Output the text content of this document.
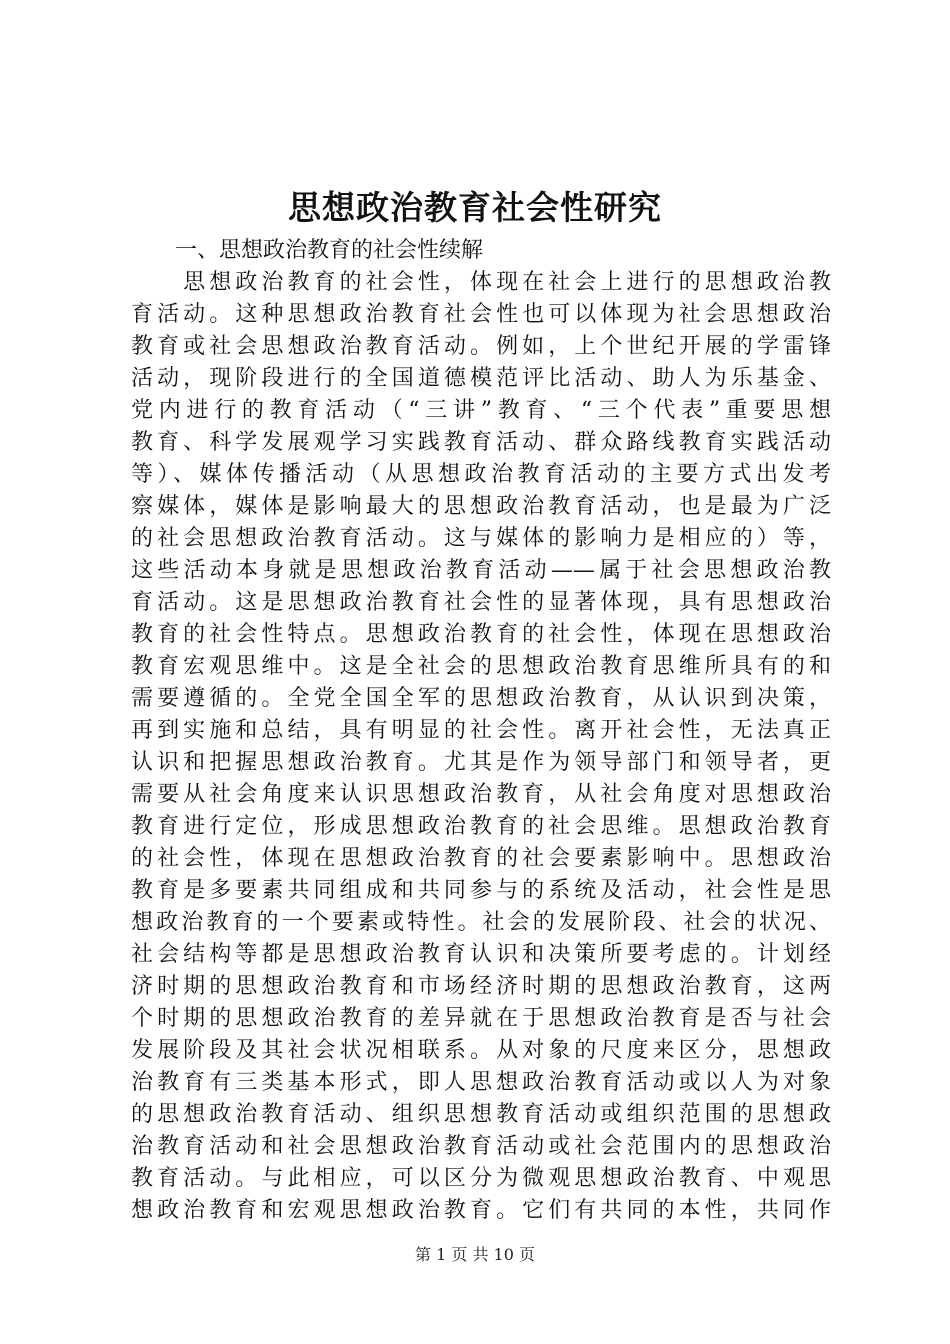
思想政治教育社会性研究
　　一、思想政治教育的社会性续解
　　思想政治教育的社会性，体现在社会上进行的思想政治教
育活动。这种思想政治教育社会性也可以体现为社会思想政治
教育或社会思想政治教育活动。例如，上个世纪开展的学雷锋
活动，现阶段进行的全国道德模范评比活动、助人为乐基金、
党内进行的教育活动（“三讲”教育、“三个代表”重要思想
教育、科学发展观学习实践教育活动、群众路线教育实践活动
等）、媒体传播活动（从思想政治教育活动的主要方式出发考
察媒体，媒体是影响最大的思想政治教育活动，也是最为广泛
的社会思想政治教育活动。这与媒体的影响力是相应的）等，
这些活动本身就是思想政治教育活动——属于社会思想政治教
育活动。这是思想政治教育社会性的显著体现，具有思想政治
教育的社会性特点。思想政治教育的社会性，体现在思想政治
教育宏观思维中。这是全社会的思想政治教育思维所具有的和
需要遵循的。全党全国全军的思想政治教育，从认识到决策，
再到实施和总结，具有明显的社会性。离开社会性，无法真正
认识和把握思想政治教育。尤其是作为领导部门和领导者，更
需要从社会角度来认识思想政治教育，从社会角度对思想政治
教育进行定位，形成思想政治教育的社会思维。思想政治教育
的社会性，体现在思想政治教育的社会要素影响中。思想政治
教育是多要素共同组成和共同参与的系统及活动，社会性是思
想政治教育的一个要素或特性。社会的发展阶段、社会的状况、
社会结构等都是思想政治教育认识和决策所要考虑的。计划经
济时期的思想政治教育和市场经济时期的思想政治教育，这两
个时期的思想政治教育的差异就在于思想政治教育是否与社会
发展阶段及其社会状况相联系。从对象的尺度来区分，思想政
治教育有三类基本形式，即人思想政治教育活动或以人为对象
的思想政治教育活动、组织思想教育活动或组织范围的思想政
治教育活动和社会思想政治教育活动或社会范围内的思想政治
教育活动。与此相应，可以区分为微观思想政治教育、中观思
想政治教育和宏观思想政治教育。它们有共同的本性，共同作
第 1 页 共 10 页
